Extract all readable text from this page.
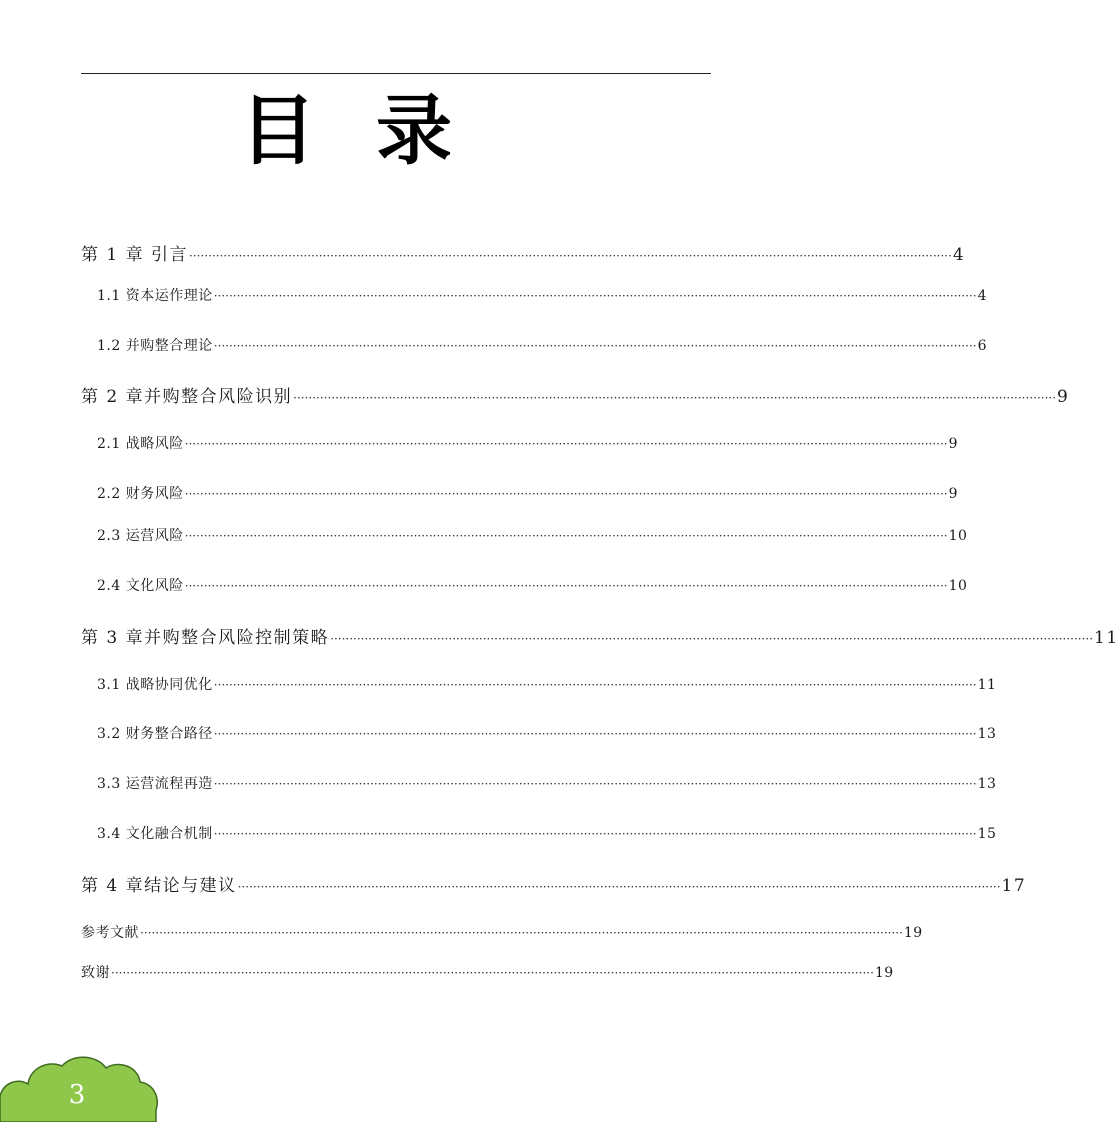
目 录
第 1 章 引言 ········································································································································································································ 4
1.1 资本运作理论 ········································································································································································································ 4
1.2 并购整合理论 ········································································································································································································ 6
第 2 章并购整合风险识别 ········································································································································································································ 9
2.1 战略风险 ········································································································································································································ 9
2.2 财务风险 ········································································································································································································ 9
2.3 运营风险 ········································································································································································································ 10
2.4 文化风险 ········································································································································································································ 10
第 3 章并购整合风险控制策略 ········································································································································································································ 11
3.1 战略协同优化 ········································································································································································································ 11
3.2 财务整合路径 ········································································································································································································ 13
3.3 运营流程再造 ········································································································································································································ 13
3.4 文化融合机制 ········································································································································································································ 15
第 4 章结论与建议 ········································································································································································································ 17
参考文献 ········································································································································································································ 19
致谢 ········································································································································································································ 19
3
